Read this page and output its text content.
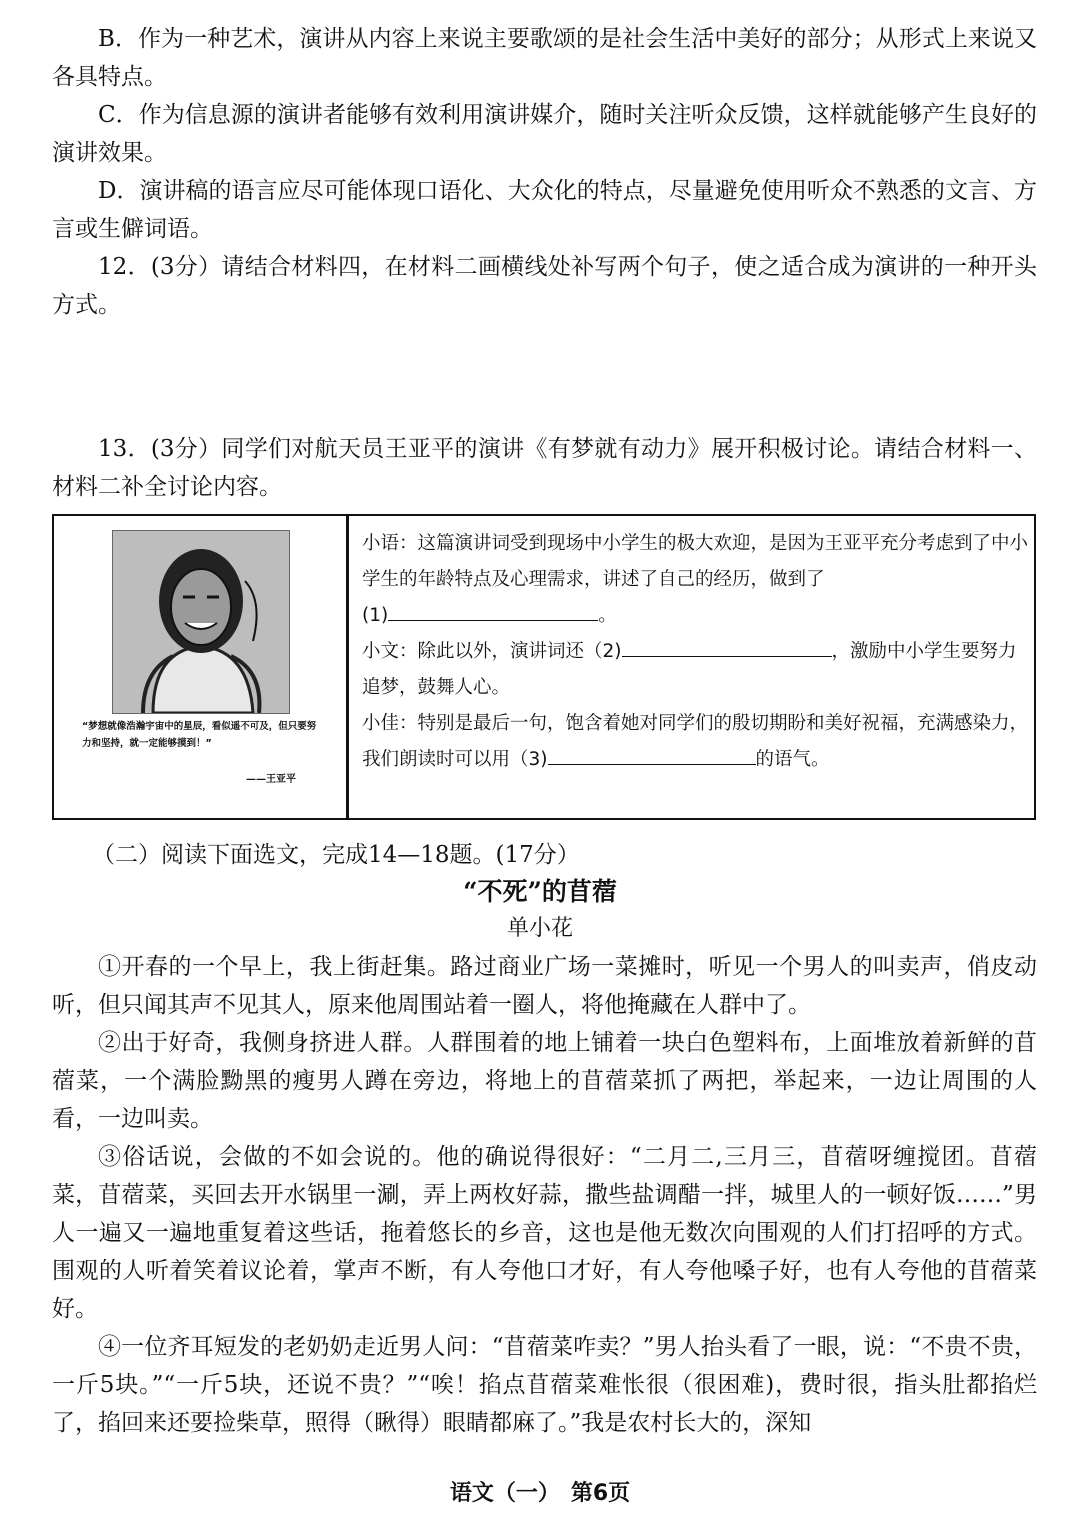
B．作为一种艺术，演讲从内容上来说主要歌颂的是社会生活中美好的部分；从形式上来说又各具特点。

C．作为信息源的演讲者能够有效利用演讲媒介，随时关注听众反馈，这样就能够产生良好的演讲效果。

D．演讲稿的语言应尽可能体现口语化、大众化的特点，尽量避免使用听众不熟悉的文言、方言或生僻词语。

12．(3分）请结合材料四，在材料二画横线处补写两个句子，使之适合成为演讲的一种开头方式。

13．(3分）同学们对航天员王亚平的演讲《有梦就有动力》展开积极讨论。请结合材料一、材料二补全讨论内容。

“梦想就像浩瀚宇宙中的星辰，看似遥不可及，但只要努力和坚持，就一定能够摸到！”
——王亚平

小语：这篇演讲词受到现场中小学生的极大欢迎，是因为王亚平充分考虑到了中小学生的年龄特点及心理需求，讲述了自己的经历，做到了
(1)	。
小文：除此以外，演讲词还（2)	，激励中小学生要努力追梦，鼓舞人心。
小佳：特别是最后一句，饱含着她对同学们的殷切期盼和美好祝福，充满感染力，我们朗读时可以用（3)	的语气。

（二）阅读下面选文，完成14—18题。(17分）

“不死”的苜蓿

单小花

①开春的一个早上，我上街赶集。路过商业广场一菜摊时，听见一个男人的叫卖声，俏皮动听，但只闻其声不见其人，原来他周围站着一圈人，将他掩藏在人群中了。

②出于好奇，我侧身挤进人群。人群围着的地上铺着一块白色塑料布，上面堆放着新鲜的苜蓿菜，一个满脸黝黑的瘦男人蹲在旁边，将地上的苜蓿菜抓了两把，举起来，一边让周围的人看，一边叫卖。

③俗话说，会做的不如会说的。他的确说得很好：“二月二,三月三，苜蓿呀缠搅团。苜蓿菜，苜蓿菜，买回去开水锅里一涮，弄上两枚好蒜，撒些盐调醋一拌，城里人的一顿好饭……”男人一遍又一遍地重复着这些话，拖着悠长的乡音，这也是他无数次向围观的人们打招呼的方式。围观的人听着笑着议论着，掌声不断，有人夸他口才好，有人夸他嗓子好，也有人夸他的苜蓿菜好。

④一位齐耳短发的老奶奶走近男人问：“苜蓿菜咋卖？”男人抬头看了一眼，说：“不贵不贵，一斤5块。”“一斤5块，还说不贵？”“唉！掐点苜蓿菜难怅很（很困难)，费时很，指头肚都掐烂了，掐回来还要捡柴草，照得（瞅得）眼睛都麻了。”我是农村长大的，深知

语文（一）　第6页
